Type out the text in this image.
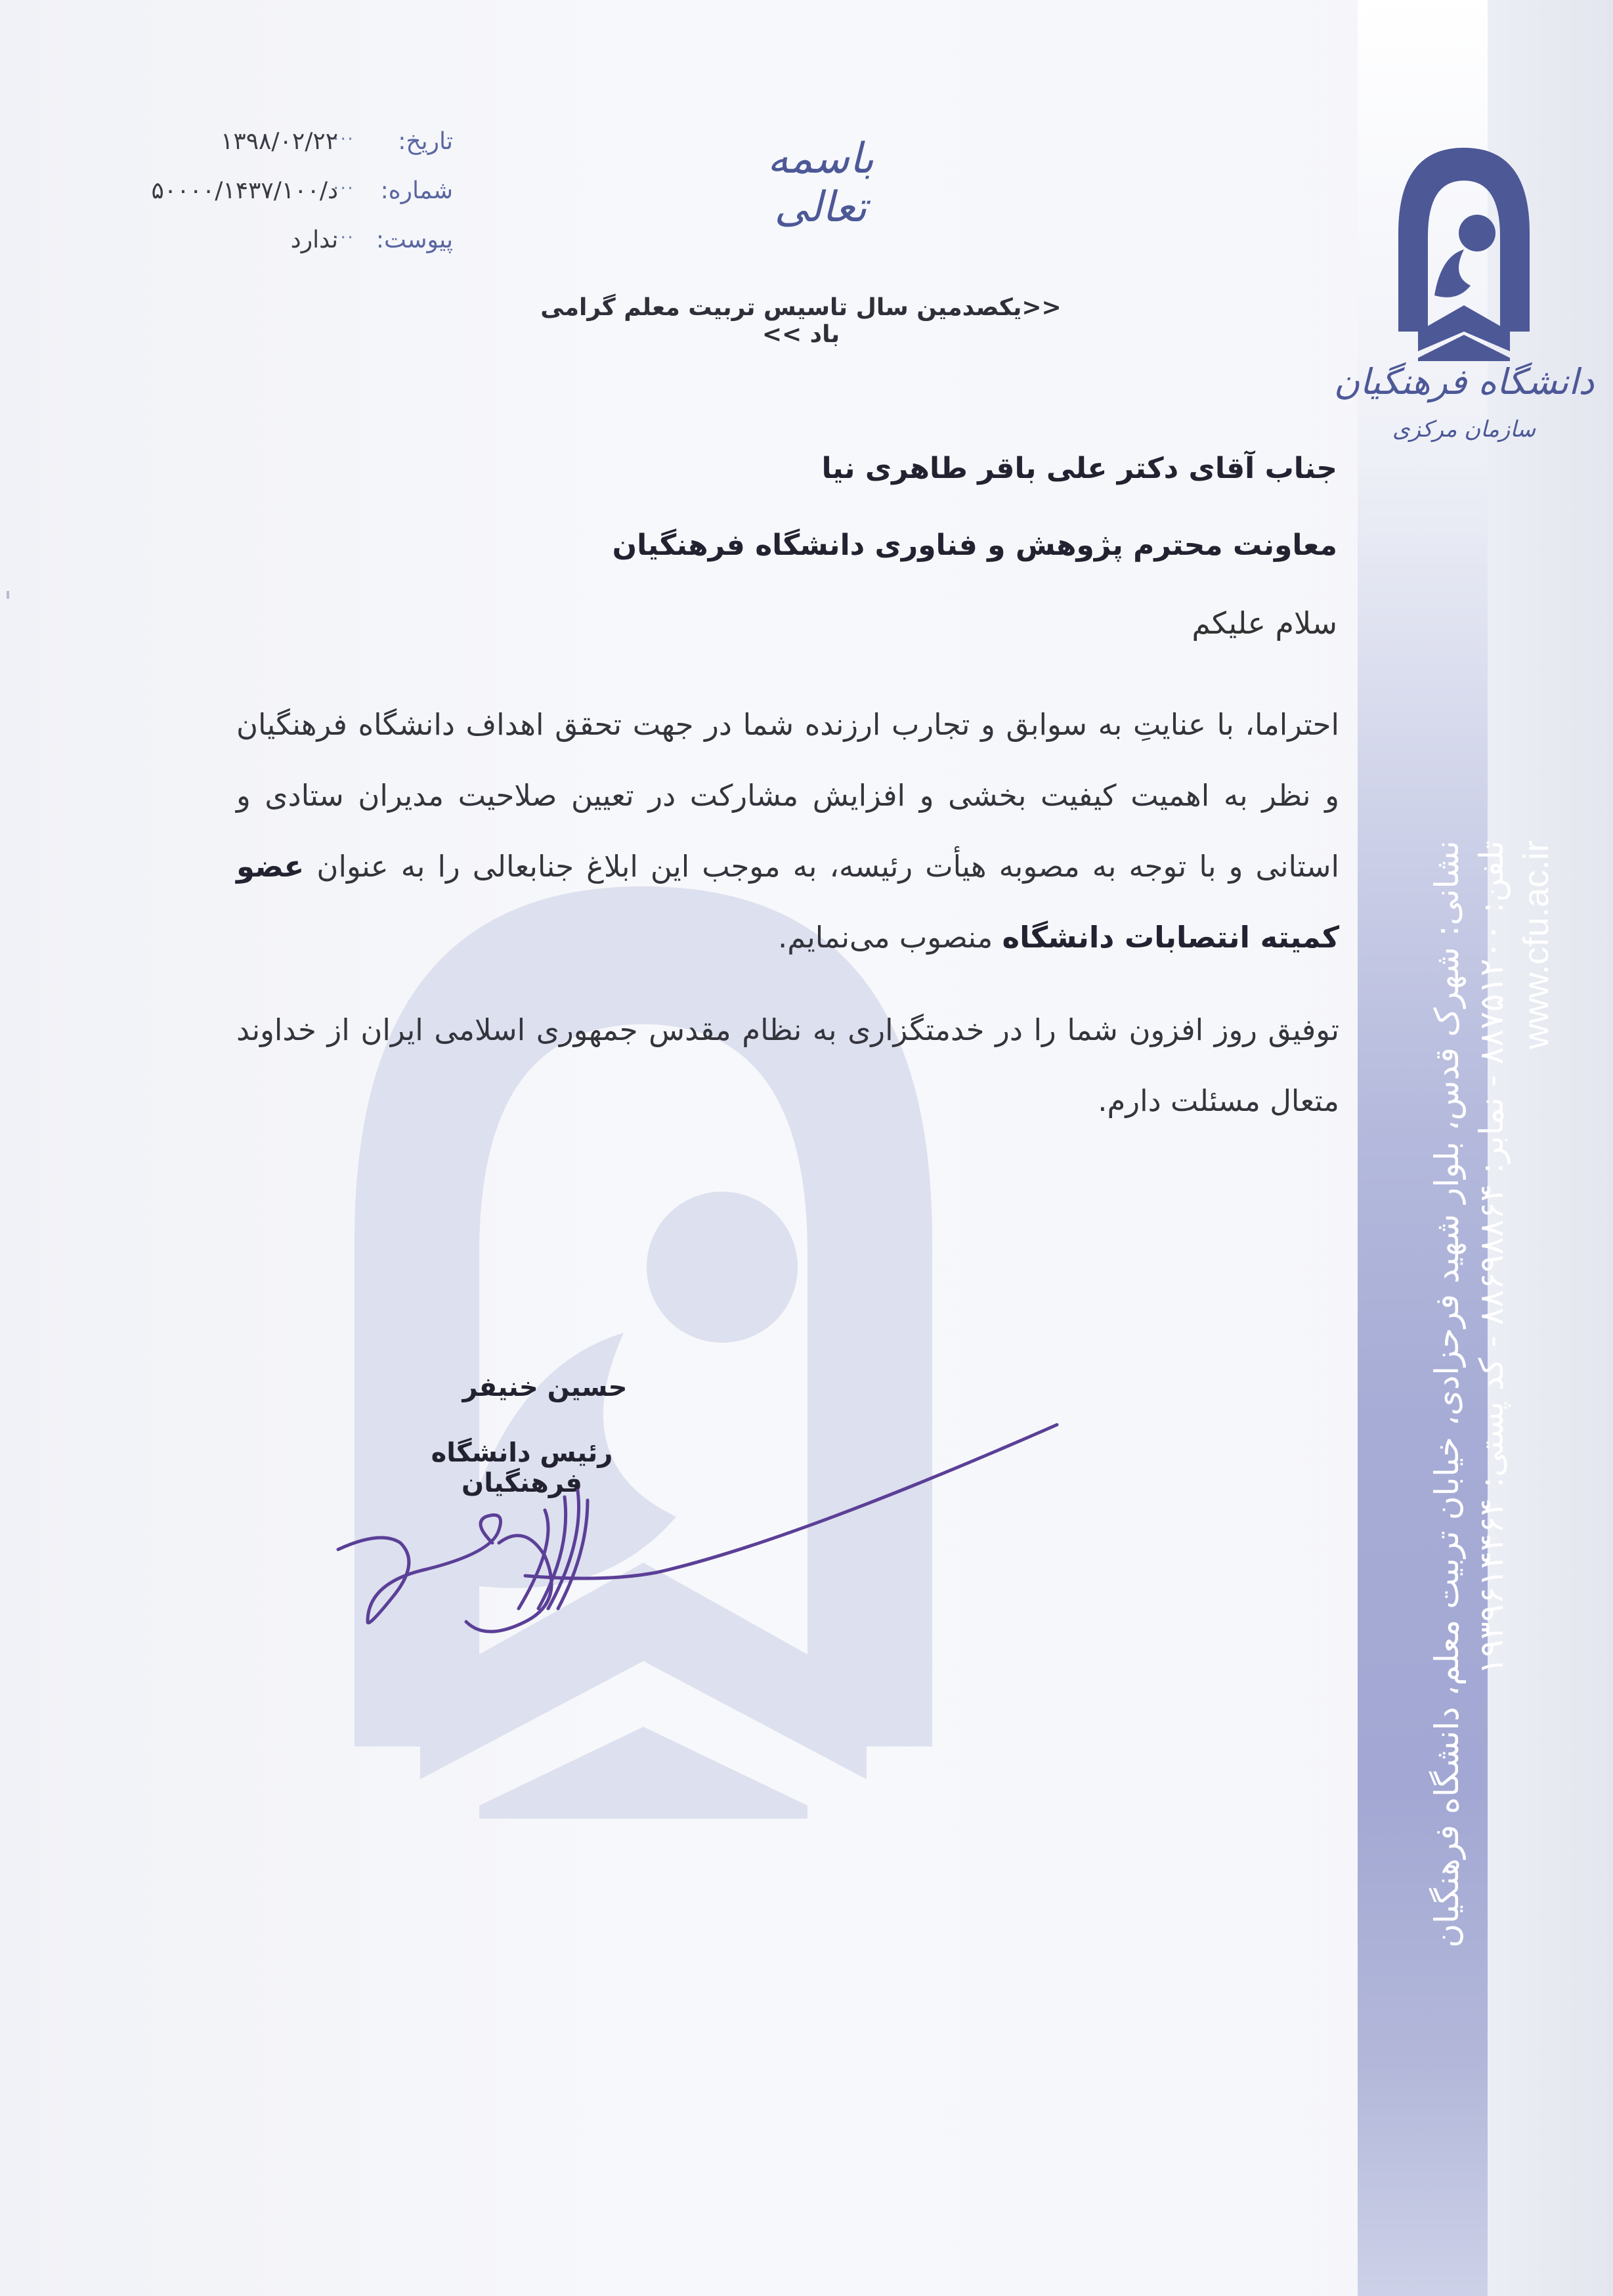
دانشگاه فرهنگیان
سازمان مرکزی
نشانی: شهرک قدس، بلوار شهید فرحزادی، خیابان تربیت معلم، دانشگاه فرهنگیان تلفن: ۸۸۷۵۱۲۰۰ - نمابر: ۸۸۶۹۸۸۶۴ - کد پستی: ۱۹۳۹۶۱۴۴۶۴ www.cfu.ac.ir
تاریخ:
...
۱۳۹۸/۰۲/۲۲
شماره:
...
۵۰۰۰۰/۱۴۳۷/۱۰۰/د
پیوست:
...
ندارد
باسمه تعالی
<<یکصدمین سال تاسیس تربیت معلم گرامی باد >>
جناب آقای دکتر علی باقر طاهری نیا
معاونت محترم پژوهش و فناوری دانشگاه فرهنگیان
سلام علیکم
احتراما، با عنایتِ به سوابق و تجارب ارزنده شما در جهت تحقق اهداف دانشگاه فرهنگیان و نظر به اهمیت کیفیت بخشی و افزایش مشارکت در تعیین صلاحیت مدیران ستادی و استانی و با توجه به مصوبه هیأت رئیسه، به موجب این ابلاغ جنابعالی را به عنوان عضو کمیته انتصابات دانشگاه منصوب می‌نمایم.
توفیق روز افزون شما را در خدمتگزاری به نظام مقدس جمهوری اسلامی ایران از خداوند متعال مسئلت دارم.
حسین خنیفر
رئیس دانشگاه فرهنگیان
